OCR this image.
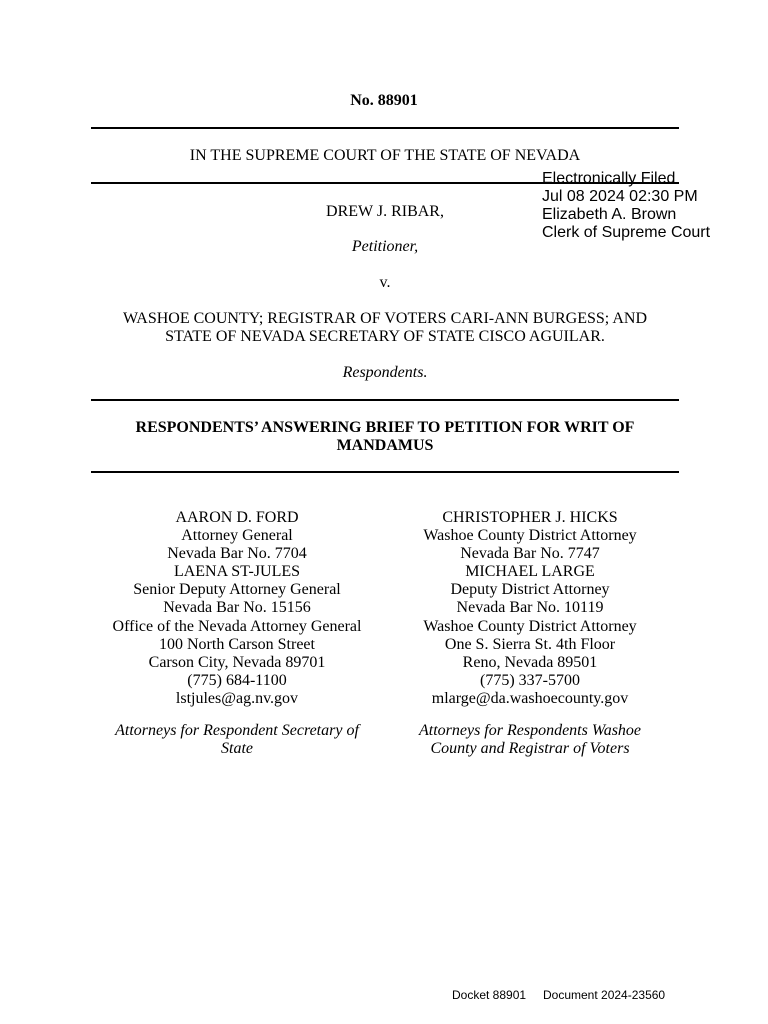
No. 88901
IN THE SUPREME COURT OF THE STATE OF NEVADA
Electronically Filed
Jul 08 2024 02:30 PM
Elizabeth A. Brown
Clerk of Supreme Court
DREW J. RIBAR,
Petitioner,
v.
WASHOE COUNTY; REGISTRAR OF VOTERS CARI-ANN BURGESS; AND
STATE OF NEVADA SECRETARY OF STATE CISCO AGUILAR.
Respondents.
RESPONDENTS’ ANSWERING BRIEF TO PETITION FOR WRIT OF
MANDAMUS
AARON D. FORD
Attorney General
Nevada Bar No. 7704
LAENA ST-JULES
Senior Deputy Attorney General
Nevada Bar No. 15156
Office of the Nevada Attorney General
100 North Carson Street
Carson City, Nevada 89701
(775) 684-1100
lstjules@ag.nv.gov
Attorneys for Respondent Secretary of
State
CHRISTOPHER J. HICKS
Washoe County District Attorney
Nevada Bar No. 7747
MICHAEL LARGE
Deputy District Attorney
Nevada Bar No. 10119
Washoe County District Attorney
One S. Sierra St. 4th Floor
Reno, Nevada 89501
(775) 337-5700
mlarge@da.washoecounty.gov
Attorneys for Respondents Washoe
County and Registrar of Voters
Docket 88901 Document 2024-23560
